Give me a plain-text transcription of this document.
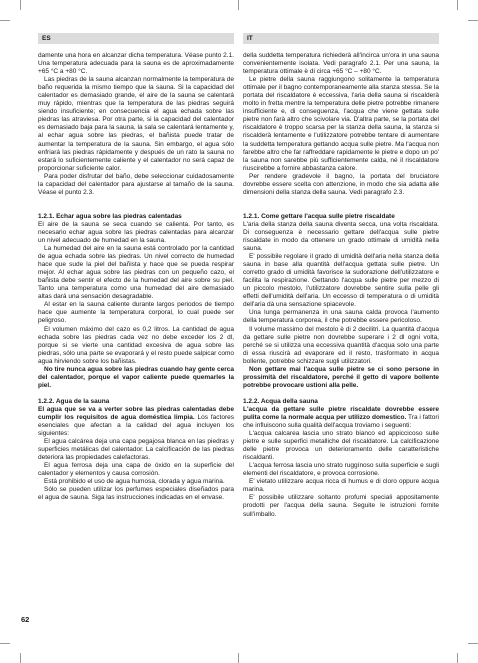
ES	IT

damente una hora en alcanzar dicha temperatura. Véase punto 2.1. Una temperatura adecuada para la sauna es de aproximadamente +65 °C a +80 °C.

Las piedras de la sauna alcanzan normalmente la temperatura de baño requerida la mismo tiempo que la sauna. Si la capacidad del calentador es demasiado grande, el aire de la sauna se calentará muy rápido, mientras que la temperatura de las piedras seguirá siendo insuficiente; en consecuencia el agua echada sobre las piedras las atraviesa. Por otra parte, si la capacidad del calentador es demasiado baja para la sauna, la sala se calentará lentamente y, al echar agua sobre las piedras, el bañista puede tratar de aumentar la temperatura de la sauna. Sin embargo, el agua sólo enfriará las piedras rápidamente y después de un rato la sauna no estará lo suficientemente caliente y el calentador no será capaz de proporcionar suficiente calor.

Para poder disfrutar del baño, debe seleccionar cuidadosamente la capacidad del calentador para ajustarse al tamaño de la sauna. Véase el punto 2.3.

1.2.1. Echar agua sobre las piedras calentadas

El aire de la sauna se seca cuando se calienta. Por tanto, es necesario echar agua sobre las piedras calentadas para alcanzar un nivel adecuado de humedad en la sauna.

La humedad del aire en la sauna está controlado por la cantidad de agua echada sobre las piedras. Un nivel correcto de humedad hace que sude la piel del bañista y hace que se pueda respirar mejor. Al echar agua sobre las piedras con un pequeño cazo, el bañista debe sentir el efecto de la humedad del aire sobre su piel. Tanto una temperatura como una humedad del aire demasiado altas dará una sensación desagradable.

Al estar en la sauna caliente durante largos periodos de tiempo hace que aumente la temperatura corporal, lo cual puede ser peligroso.

El volumen máximo del cazo es 0,2 litros. La cantidad de agua echada sobre las piedras cada vez no debe exceder los 2 dl, porque si se vierte una cantidad excesiva de agua sobre las piedras, sólo una parte se evaporará y el resto puede salpicar como agua hirviendo sobre los bañistas.

No tire nunca agua sobre las piedras cuando hay gente cerca del calentador, porque el vapor caliente puede quemarles la piel.

1.2.2. Agua de la sauna

El agua que se va a verter sobre las piedras calentadas debe cumplir los requisitos de agua doméstica limpia. Los factores esenciales que afectan a la calidad del agua incluyen los siguientes:

El agua calcárea deja una capa pegajosa blanca en las piedras y superficies metálicas del calentador. La calcificación de las piedras deteriora las propiedades calefactoras.

El agua ferrosa deja una capa de óxido en la superficie del calentador y elementos y causa corrosión.

Está prohibido el uso de agua humosa, clorada y agua marina.

Sólo se pueden utilizar los perfumes especiales diseñados para el agua de sauna. Siga las instrucciones indicadas en el envase.

della suddetta temperatura richiederà all'incirca un'ora in una sauna convenientemente isolata. Vedi paragrafo 2.1. Per una sauna, la temperatura ottimale è di circa +65 °C – +80 °C.

Le pietre della sauna raggiungono solitamente la temperatura ottimale per il bagno contemporaneamente alla stanza stessa. Se la portata del riscaldatore è eccessiva, l'aria della sauna si riscalderà molto in fretta mentre la temperatura delle pietre potrebbe rimanere insufficiente e, di conseguenza, l'acqua che viene gettata sulle pietre non farà altro che scivolare via. D'altra parte, se la portata del riscaldatore è troppo scarsa per la stanza della sauna, la stanza si riscalderà lentamente e l'utilizzatore potrebbe tentare di aumentare la suddetta temperatura gettando acqua sulle pietre. Ma l'acqua non farebbe altro che far raffreddare rapidamente le pietre e dopo un po' la sauna non sarebbe più sufficientemente calda, né il riscaldatore riuscirebbe a fornire abbastanza calore.

Per rendere gradevole il bagno, la portata del bruciatore dovrebbe essere scelta con attenzione, in modo che sia adatta alle dimensioni della stanza della sauna. Vedi paragrafo 2.3.

1.2.1. Come gettare l'acqua sulle pietre riscaldate

L'aria della stanza della sauna diventa secca, una volta riscaldata. Di conseguenza è necessario gettare dell'acqua sulle pietre riscaldate in modo da ottenere un grado ottimale di umidità nella sauna.

E' possibile regolare il grado di umidità dell'aria nella stanza della sauna in base alla quantità dell'acqua gettata sulle pietre. Un corretto grado di umidità favorisce la sudorazione dell'utilizzatore e facilita la respirazione. Gettando l'acqua sulle pietre per mezzo di un piccolo mestolo, l'utilizzatore dovrebbe sentire sulla pelle gli effetti dell'umidità dell'aria. Un eccesso di temperatura o di umidità dell'aria dà una sensazione spiacevole.

Una lunga permanenza in una sauna calda provoca l'aumento della temperatura corporea, il che potrebbe essere pericoloso.

Il volume massimo del mestolo è di 2 decilitri. La quantità d'acqua da gettare sulle pietre non dovrebbe superare i 2 dl ogni volta, perché se si utilizza una eccessiva quantità d'acqua solo una parte di essa riuscirà ad evaporare ed il resto, trasformato in acqua bollente, potrebbe schizzare sugli utilizzatori.

Non gettare mai l'acqua sulle pietre se ci sono persone in prossimità del riscaldatore, perché il getto di vapore bollente potrebbe provocare ustioni alla pelle.

1.2.2. Acqua della sauna

L'acqua da gettare sulle pietre riscaldate dovrebbe essere pulita come la normale acqua per utilizzo domestico. Tra i fattori che influiscono sulla qualità dell'acqua troviamo i seguenti:

L'acqua calcarea lascia uno strato bianco ed appiccicoso sulle pietre e sulle superfici metalliche del riscaldatore. La calcificazione delle pietre provoca un deterioramento delle caratteristiche riscaldanti.

L'acqua ferrosa lascia uno strato ruggínoso sulla superficie e sugli elementi del riscaldatore, e provoca corrosione.

E' vietato utilizzare acqua ricca di humus e di cloro oppure acqua marina.

E' possibile utilizzare soltanto profumi speciali appositamente prodotti per l'acqua della sauna. Seguite le istruzioni fornite sull'imballo.

62
